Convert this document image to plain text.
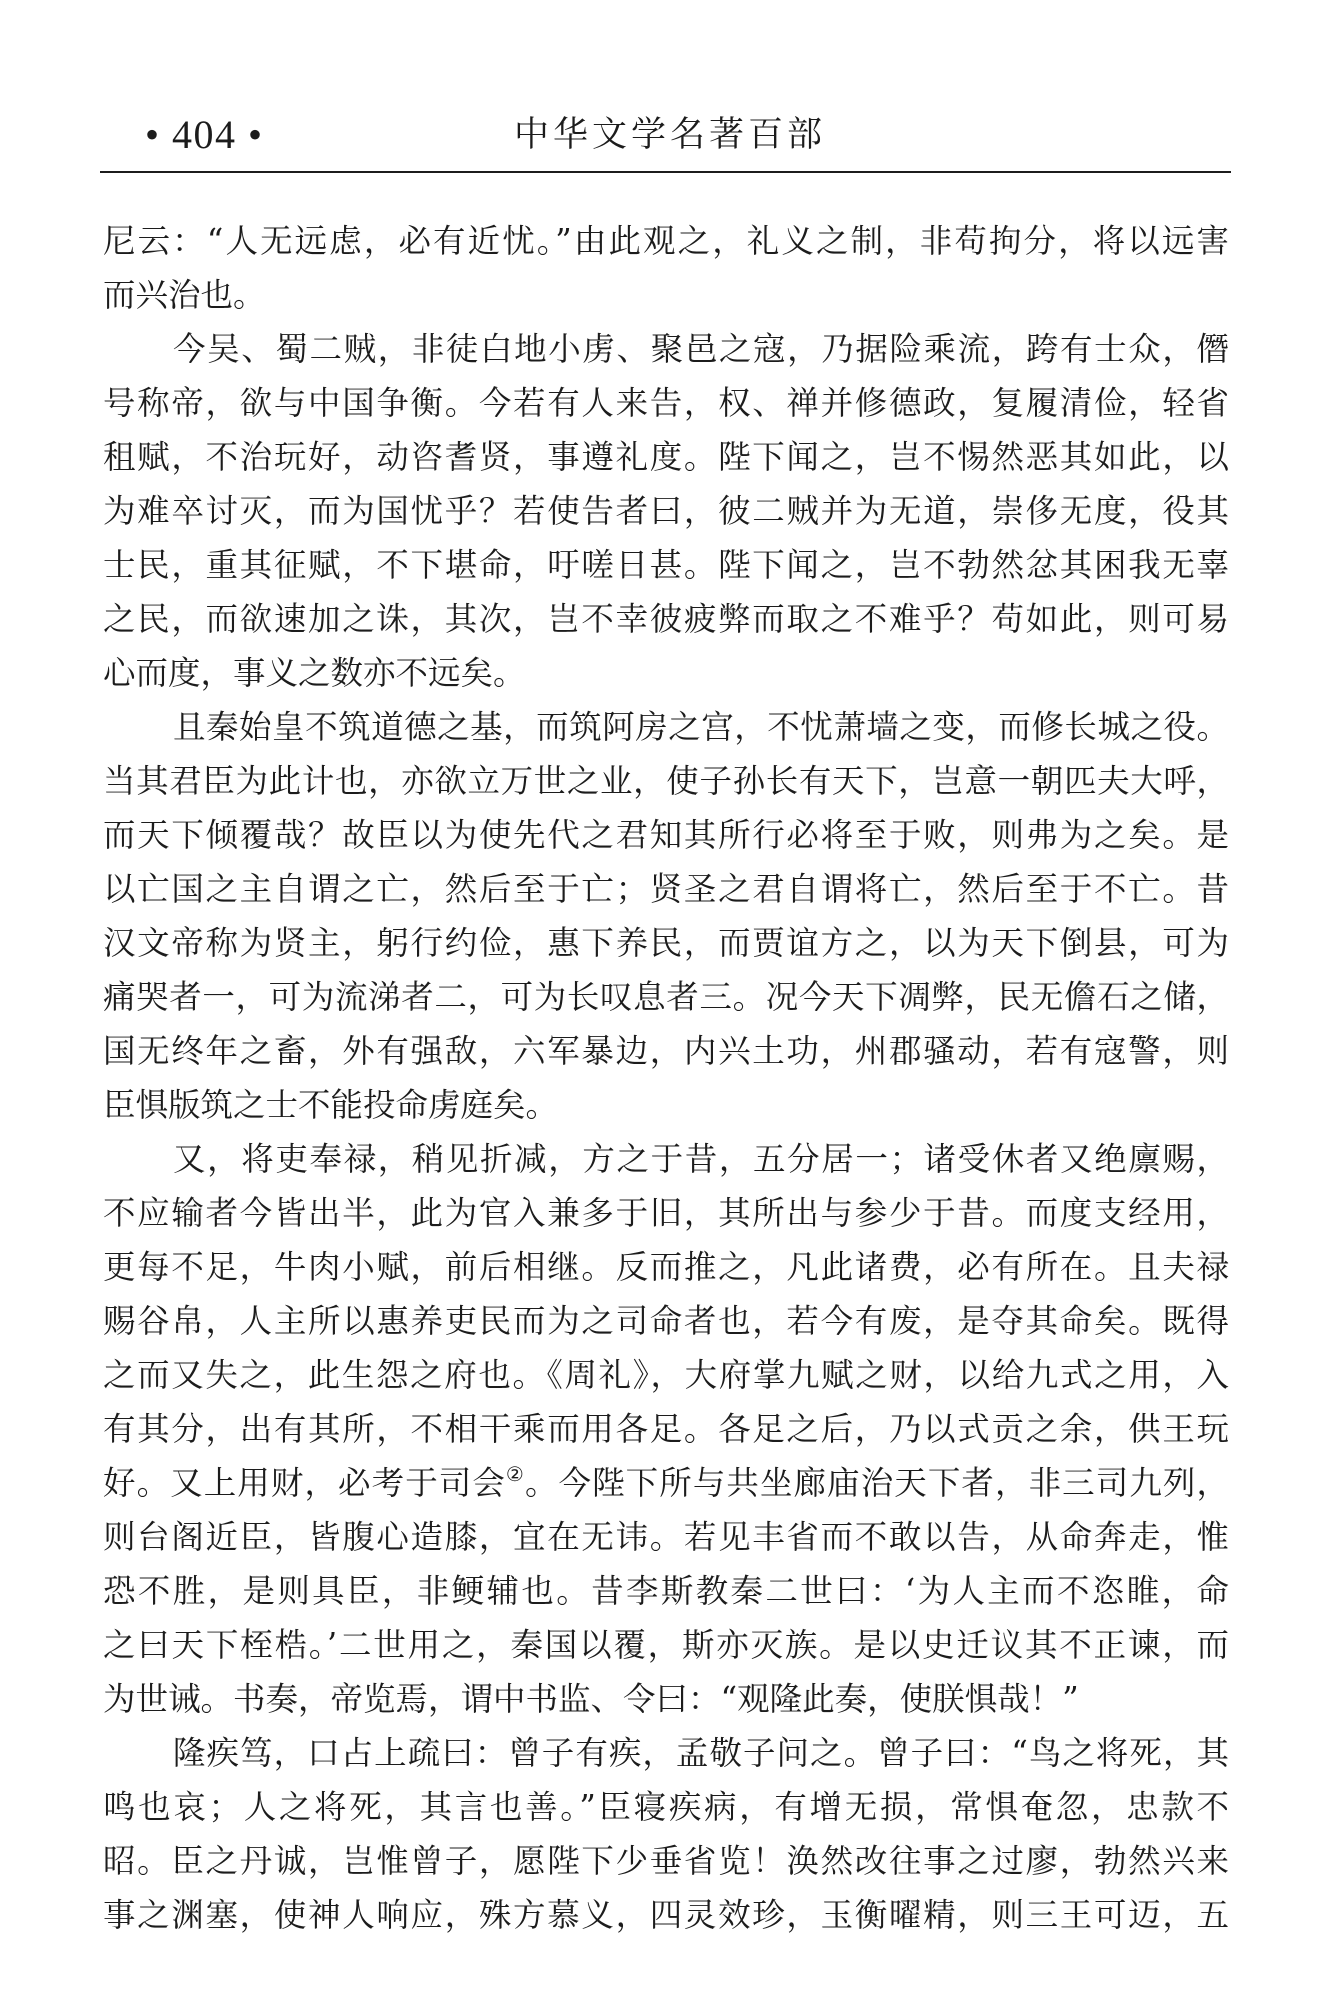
• 404 •	中华文学名著百部
尼云：“人无远虑，必有近忧。”由此观之，礼义之制，非苟拘分，将以远害
而兴治也。
今吴、蜀二贼，非徒白地小虏、聚邑之寇，乃据险乘流，跨有士众，僭
号称帝，欲与中国争衡。今若有人来告，权、禅并修德政，复履清俭，轻省
租赋，不治玩好，动咨耆贤，事遵礼度。陛下闻之，岂不惕然恶其如此，以
为难卒讨灭，而为国忧乎？若使告者曰，彼二贼并为无道，崇侈无度，役其
士民，重其征赋，不下堪命，吁嗟日甚。陛下闻之，岂不勃然忿其困我无辜
之民，而欲速加之诛，其次，岂不幸彼疲弊而取之不难乎？苟如此，则可易
心而度，事义之数亦不远矣。
且秦始皇不筑道德之基，而筑阿房之宫，不忧萧墙之变，而修长城之役。
当其君臣为此计也，亦欲立万世之业，使子孙长有天下，岂意一朝匹夫大呼，
而天下倾覆哉？故臣以为使先代之君知其所行必将至于败，则弗为之矣。是
以亡国之主自谓之亡，然后至于亡；贤圣之君自谓将亡，然后至于不亡。昔
汉文帝称为贤主，躬行约俭，惠下养民，而贾谊方之，以为天下倒县，可为
痛哭者一，可为流涕者二，可为长叹息者三。况今天下凋弊，民无儋石之储，
国无终年之畜，外有强敌，六军暴边，内兴土功，州郡骚动，若有寇警，则
臣惧版筑之士不能投命虏庭矣。
又，将吏奉禄，稍见折减，方之于昔，五分居一；诸受休者又绝廪赐，
不应输者今皆出半，此为官入兼多于旧，其所出与参少于昔。而度支经用，
更每不足，牛肉小赋，前后相继。反而推之，凡此诸费，必有所在。且夫禄
赐谷帛，人主所以惠养吏民而为之司命者也，若今有废，是夺其命矣。既得
之而又失之，此生怨之府也。《周礼》，大府掌九赋之财，以给九式之用，入
有其分，出有其所，不相干乘而用各足。各足之后，乃以式贡之余，供王玩
好。又上用财，必考于司会②。今陛下所与共坐廊庙治天下者，非三司九列，
则台阁近臣，皆腹心造膝，宜在无讳。若见丰省而不敢以告，从命奔走，惟
恐不胜，是则具臣，非鲠辅也。昔李斯教秦二世曰：‘为人主而不恣睢，命
之曰天下桎梏。’二世用之，秦国以覆，斯亦灭族。是以史迁议其不正谏，而
为世诫。书奏，帝览焉，谓中书监、令曰：“观隆此奏，使朕惧哉！”
隆疾笃，口占上疏曰：曾子有疾，孟敬子问之。曾子曰：“鸟之将死，其
鸣也哀；人之将死，其言也善。”臣寝疾病，有增无损，常惧奄忽，忠款不
昭。臣之丹诚，岂惟曾子，愿陛下少垂省览！涣然改往事之过廖，勃然兴来
事之渊塞，使神人响应，殊方慕义，四灵效珍，玉衡曜精，则三王可迈，五
